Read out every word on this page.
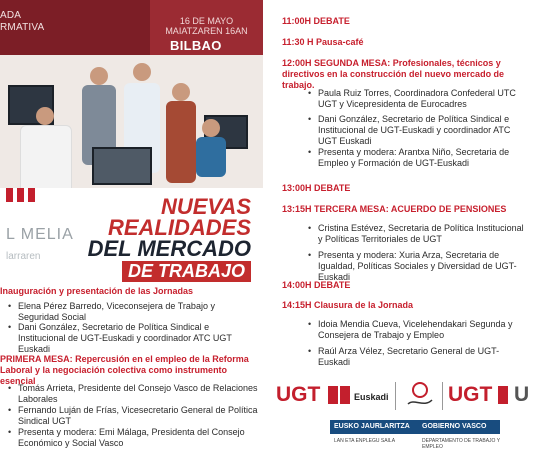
ADA
RMATIVA
16 DE MAYO
MAIATZAREN 16AN
BILBAO
L MELIA
larraren
NUEVAS
REALIDADES
DEL MERCADO
DE TRABAJO
Inauguración y presentación de las Jornadas
• Elena Pérez Barredo, Viceconsejera de Trabajo y Seguridad Social
• Dani González, Secretario de Política Sindical e Institucional de UGT-Euskadi y coordinador ATC UGT Euskadi
PRIMERA MESA: Repercusión en el empleo de la Reforma Laboral y la negociación colectiva como instrumento esencial
• Tomás Arrieta, Presidente del Consejo Vasco de Relaciones Laborales
• Fernando Luján de Frías, Vicesecretario General de Política Sindical UGT
• Presenta y modera: Emi Málaga, Presidenta del Consejo Económico y Social Vasco
11:00H DEBATE
11:30 H Pausa-café
12:00H SEGUNDA MESA: Profesionales, técnicos y directivos en la construcción del nuevo mercado de trabajo.
• Paula Ruiz Torres, Coordinadora Confederal UTC UGT y Vicepresidenta de Eurocadres
• Dani González, Secretario de Política Sindical e Institucional de UGT-Euskadi y coordinador ATC UGT Euskadi
• Presenta y modera: Arantxa Niño, Secretaria de Empleo y Formación de UGT-Euskadi
13:00H DEBATE
13:15H TERCERA MESA: ACUERDO DE PENSIONES
• Cristina Estévez, Secretaria de Política Institucional y Políticas Territoriales de UGT
• Presenta y modera: Xuria Arza, Secretaria de Igualdad, Políticas Sociales y Diversidad de UGT-Euskadi
14:00H DEBATE
14:15H Clausura de la Jornada
• Idoia Mendia Cueva, Vicelehendakari Segunda y Consejera de Trabajo y Empleo
• Raúl Arza Vélez, Secretario General de UGT- Euskadi
UGT	Euskadi	UGT U
EUSKO JAURLARITZA GOBIERNO VASCO
LAN ETA ENPLEGU SAILA	DEPARTAMENTO DE TRABAJO Y EMPLEO
